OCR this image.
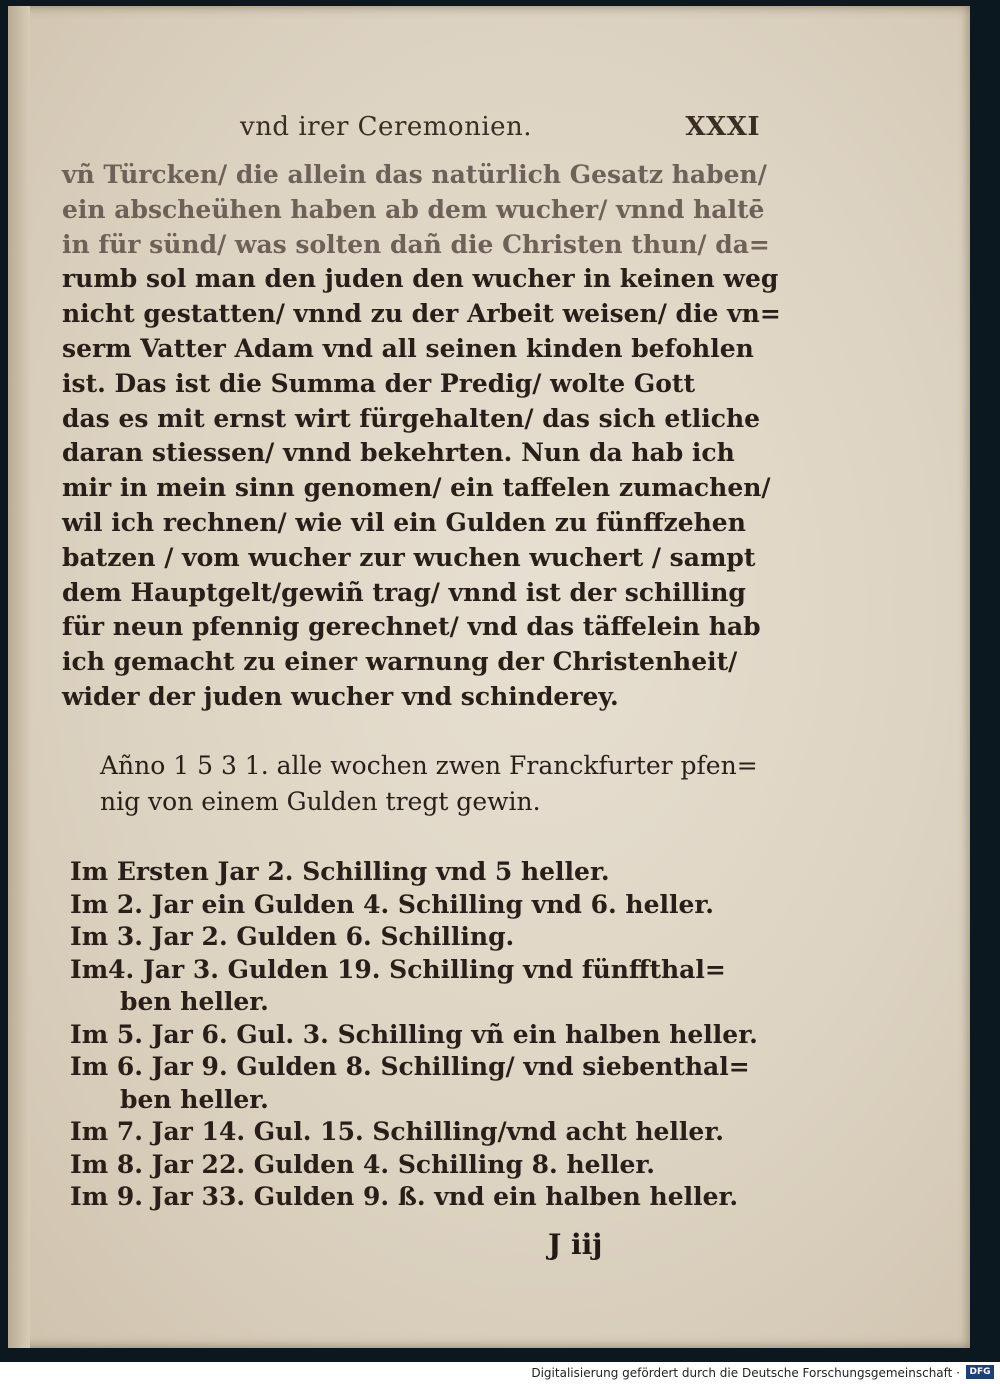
vnd irer Ceremonien.	XXXI
vñ Türcken/ die allein das natürlich Gesatz haben/
ein abscheühen haben ab dem wucher/ vnnd haltē
in für sünd/ was solten dañ die Christen thun/ da=
rumb sol man den juden den wucher in keinen weg
nicht gestatten/ vnnd zu der Arbeit weisen/ die vn=
serm Vatter Adam vnd all seinen kinden befohlen
ist. Das ist die Summa der Predig/ wolte Gott
das es mit ernst wirt fürgehalten/ das sich etliche
daran stiessen/ vnnd bekehrten. Nun da hab ich
mir in mein sinn genomen/ ein taffelen zumachen/
wil ich rechnen/ wie vil ein Gulden zu fünffzehen
batzen / vom wucher zur wuchen wuchert / sampt
dem Hauptgelt/gewiñ trag/ vnnd ist der schilling
für neun pfennig gerechnet/ vnd das täffelein hab
ich gemacht zu einer warnung der Christenheit/
wider der juden wucher vnd schinderey.
Añno 1 5 3 1. alle wochen zwen Franckfurter pfen=
nig von einem Gulden tregt gewin.
Im Ersten Jar 2. Schilling vnd 5 heller.
Im 2. Jar ein Gulden 4. Schilling vnd 6. heller.
Im 3. Jar 2. Gulden 6. Schilling.
Im4. Jar 3. Gulden 19. Schilling vnd fünffthal=
ben heller.
Im 5. Jar 6. Gul. 3. Schilling vñ ein halben heller.
Im 6. Jar 9. Gulden 8. Schilling/ vnd siebenthal=
ben heller.
Im 7. Jar 14. Gul. 15. Schilling/vnd acht heller.
Im 8. Jar 22. Gulden 4. Schilling 8. heller.
Im 9. Jar 33. Gulden 9. ß. vnd ein halben heller.
J iij
Digitalisierung gefördert durch die Deutsche Forschungsgemeinschaft ·	DFG
